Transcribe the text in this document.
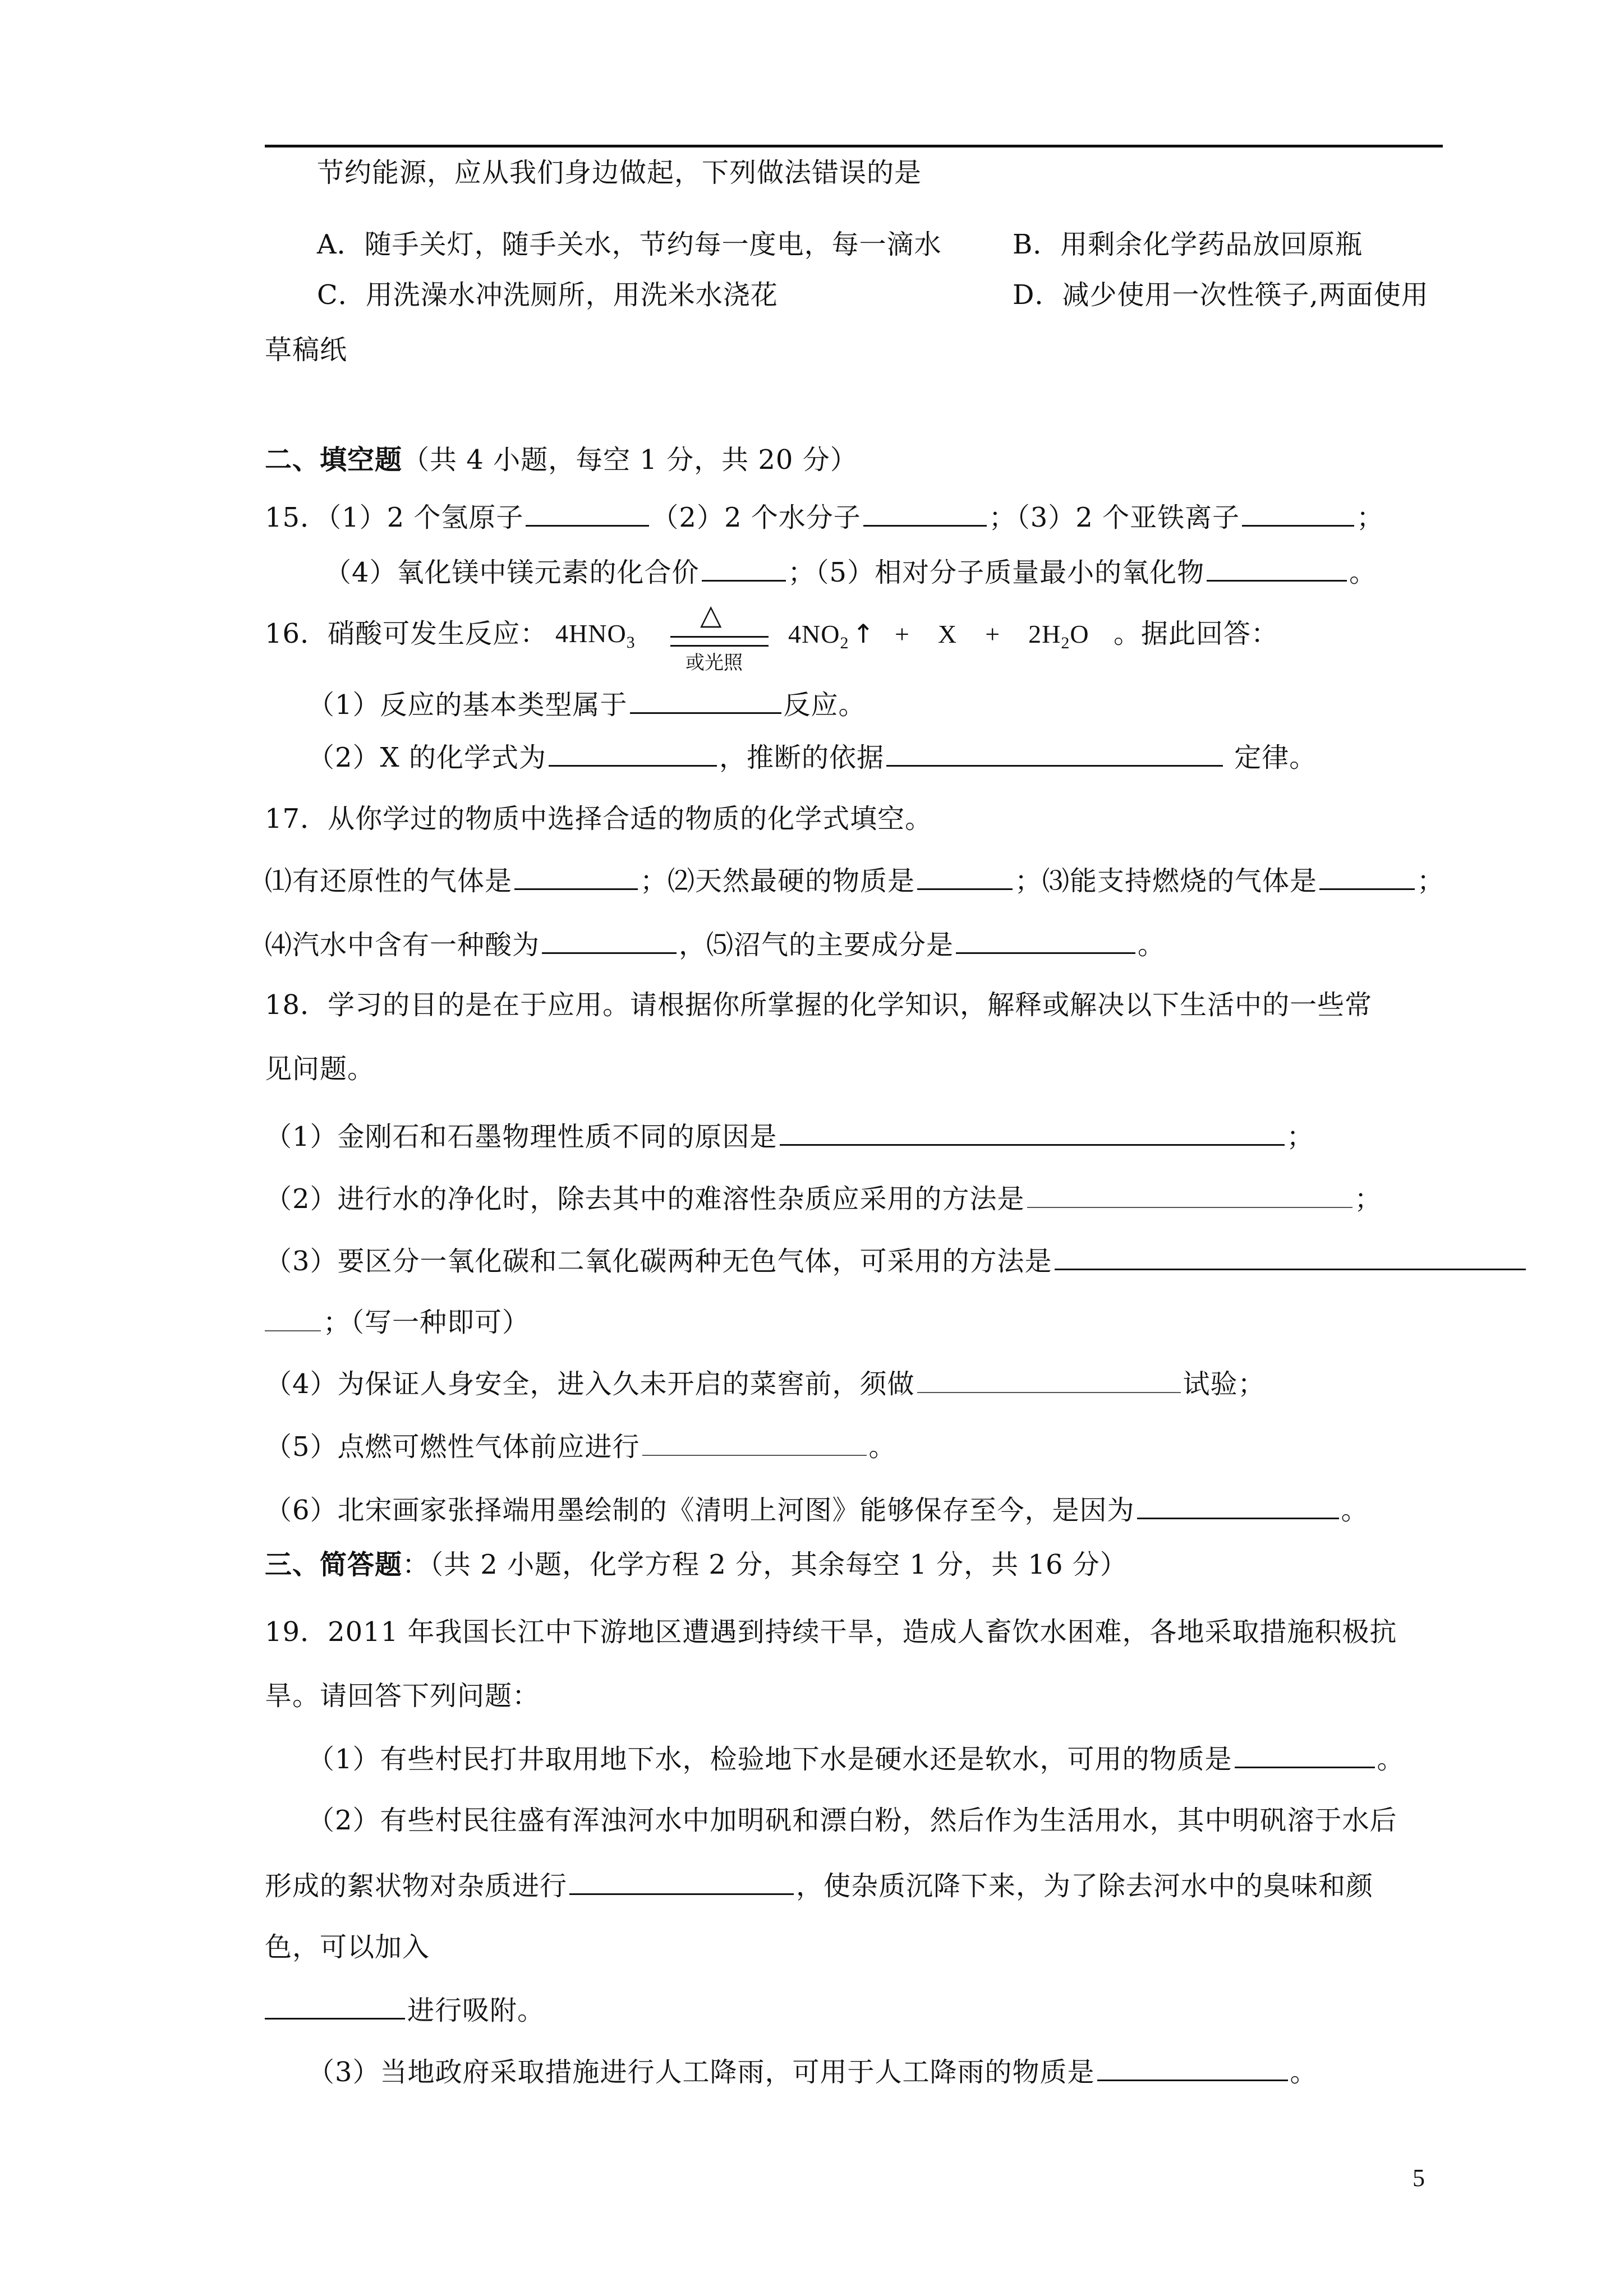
节约能源，应从我们身边做起，下列做法错误的是
A．随手关灯，随手关水，节约每一度电，每一滴水	B．用剩余化学药品放回原瓶
C．用洗澡水冲洗厕所，用洗米水浇花	D．减少使用一次性筷子,两面使用
草稿纸
二、填空题（共 4 小题，每空 1 分，共 20 分）
15．（1）2 个氢原子	（2）2 个水分子	；（3）2 个亚铁离子	；
（4）氧化镁中镁元素的化合价	；（5）相对分子质量最小的氧化物	。
16．硝酸可发生反应： $4HNO_3$
△
或光照
$4NO_2$ ↑ + $X + 2H_2O$ 。据此回答：
（1）反应的基本类型属于	反应。
（2）X 的化学式为	，推断的依据	定律。
17．从你学过的物质中选择合适的物质的化学式填空。
⑴有还原性的气体是	；⑵天然最硬的物质是	；⑶能支持燃烧的气体是	；
⑷汽水中含有一种酸为	，⑸沼气的主要成分是	。
18．学习的目的是在于应用。请根据你所掌握的化学知识，解释或解决以下生活中的一些常
见问题。
（1）金刚石和石墨物理性质不同的原因是	；
（2）进行水的净化时，除去其中的难溶性杂质应采用的方法是	；
（3）要区分一氧化碳和二氧化碳两种无色气体，可采用的方法是
；（写一种即可）
（4）为保证人身安全，进入久未开启的菜窖前，须做	试验；
（5）点燃可燃性气体前应进行	。
（6）北宋画家张择端用墨绘制的《清明上河图》能够保存至今，是因为	。
三、简答题：（共 2 小题，化学方程 2 分，其余每空 1 分，共 16 分）
19．2011 年我国长江中下游地区遭遇到持续干旱，造成人畜饮水困难，各地采取措施积极抗
旱。请回答下列问题：
（1）有些村民打井取用地下水，检验地下水是硬水还是软水，可用的物质是	。
（2）有些村民往盛有浑浊河水中加明矾和漂白粉，然后作为生活用水，其中明矾溶于水后
形成的絮状物对杂质进行	，使杂质沉降下来，为了除去河水中的臭味和颜
色，可以加入
进行吸附。
（3）当地政府采取措施进行人工降雨，可用于人工降雨的物质是	。
5
